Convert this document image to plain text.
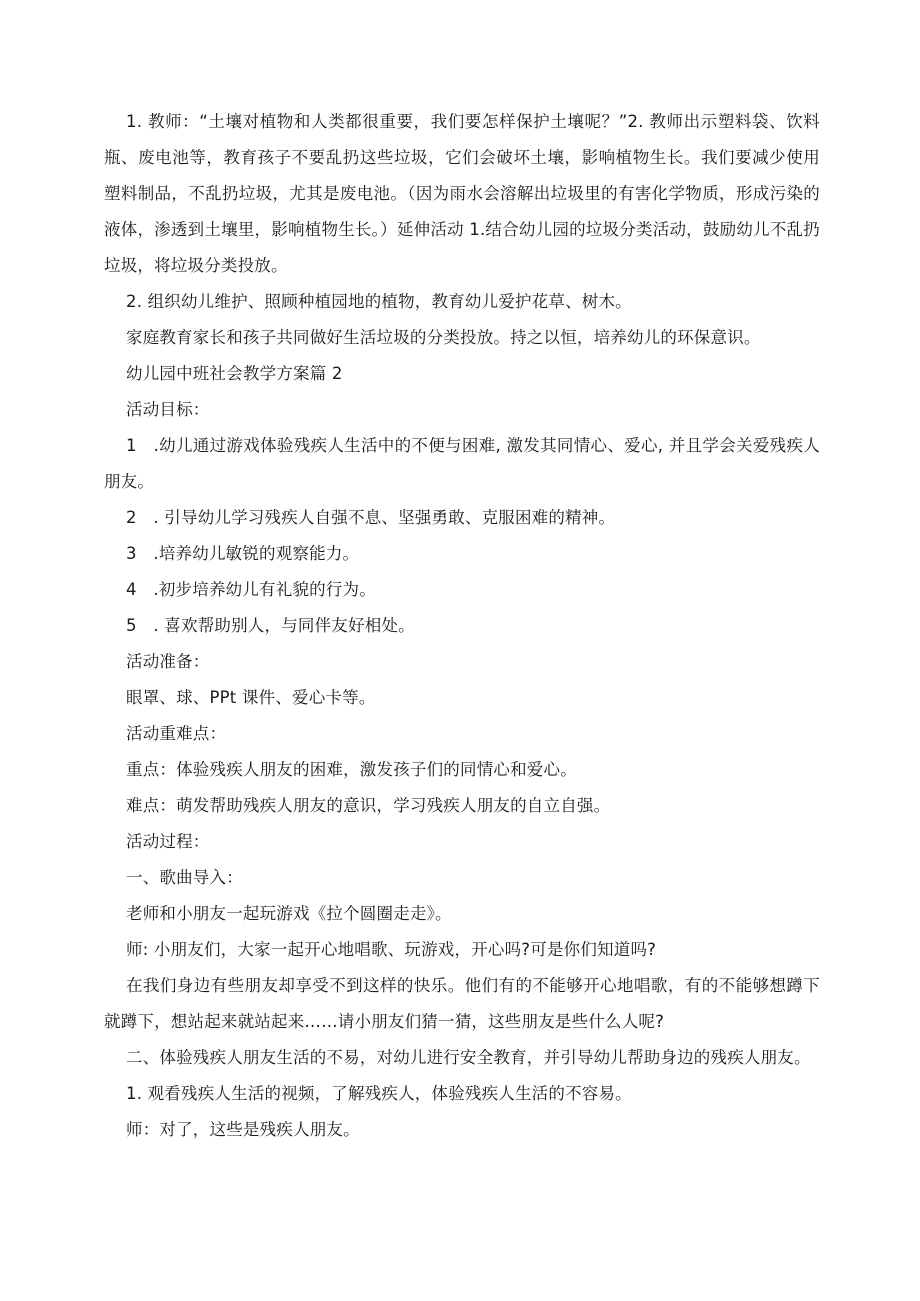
1. 教师：“土壤对植物和人类都很重要，我们要怎样保护土壤呢？”2. 教师出示塑料袋、饮料瓶、废电池等，教育孩子不要乱扔这些垃圾，它们会破坏土壤，影响植物生长。我们要减少使用塑料制品，不乱扔垃圾，尤其是废电池。（因为雨水会溶解出垃圾里的有害化学物质，形成污染的液体，渗透到土壤里，影响植物生长。）延伸活动 1.结合幼儿园的垃圾分类活动，鼓励幼儿不乱扔垃圾，将垃圾分类投放。

2. 组织幼儿维护、照顾种植园地的植物，教育幼儿爱护花草、树木。

家庭教育家长和孩子共同做好生活垃圾的分类投放。持之以恒，培养幼儿的环保意识。

幼儿园中班社会教学方案篇 2

活动目标：

1　.幼儿通过游戏体验残疾人生活中的不便与困难, 激发其同情心、爱心, 并且学会关爱残疾人朋友。

2　. 引导幼儿学习残疾人自强不息、坚强勇敢、克服困难的精神。

3　.培养幼儿敏锐的观察能力。

4　.初步培养幼儿有礼貌的行为。

5　. 喜欢帮助别人，与同伴友好相处。

活动准备：

眼罩、球、PPt 课件、爱心卡等。

活动重难点：

重点：体验残疾人朋友的困难，激发孩子们的同情心和爱心。

难点：萌发帮助残疾人朋友的意识，学习残疾人朋友的自立自强。

活动过程：

一、歌曲导入：

老师和小朋友一起玩游戏《拉个圆圈走走》。

师: 小朋友们，大家一起开心地唱歌、玩游戏，开心吗?可是你们知道吗?

在我们身边有些朋友却享受不到这样的快乐。他们有的不能够开心地唱歌，有的不能够想蹲下就蹲下，想站起来就站起来……请小朋友们猜一猜，这些朋友是些什么人呢?

二、体验残疾人朋友生活的不易，对幼儿进行安全教育，并引导幼儿帮助身边的残疾人朋友。

1. 观看残疾人生活的视频，了解残疾人，体验残疾人生活的不容易。

师：对了，这些是残疾人朋友。
